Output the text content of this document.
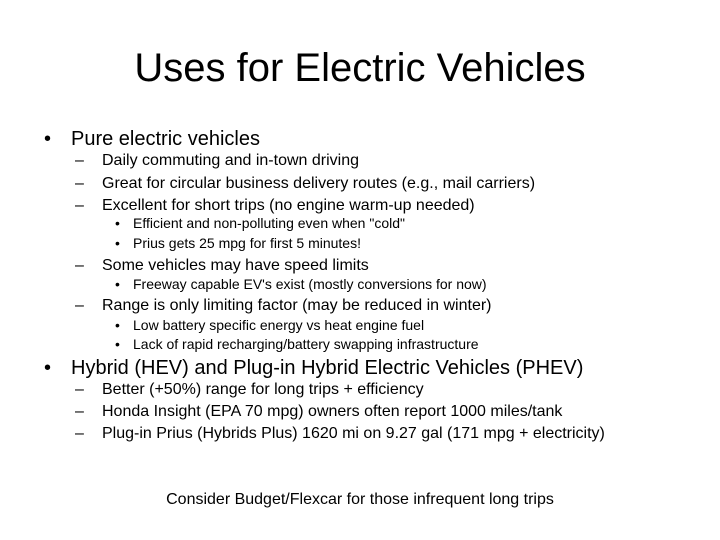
Uses for Electric Vehicles
• Pure electric vehicles
– Daily commuting and in-town driving
– Great for circular business delivery routes (e.g., mail carriers)
– Excellent for short trips (no engine warm-up needed)
• Efficient and non-polluting even when "cold"
• Prius gets 25 mpg for first 5 minutes!
– Some vehicles may have speed limits
• Freeway capable EV's exist (mostly conversions for now)
– Range is only limiting factor (may be reduced in winter)
• Low battery specific energy vs heat engine fuel
• Lack of rapid recharging/battery swapping infrastructure
• Hybrid (HEV) and Plug-in Hybrid Electric Vehicles (PHEV)
– Better (+50%) range for long trips + efficiency
– Honda Insight (EPA 70 mpg) owners often report 1000 miles/tank
– Plug-in Prius (Hybrids Plus) 1620 mi on 9.27 gal (171 mpg + electricity)
Consider Budget/Flexcar for those infrequent long trips
